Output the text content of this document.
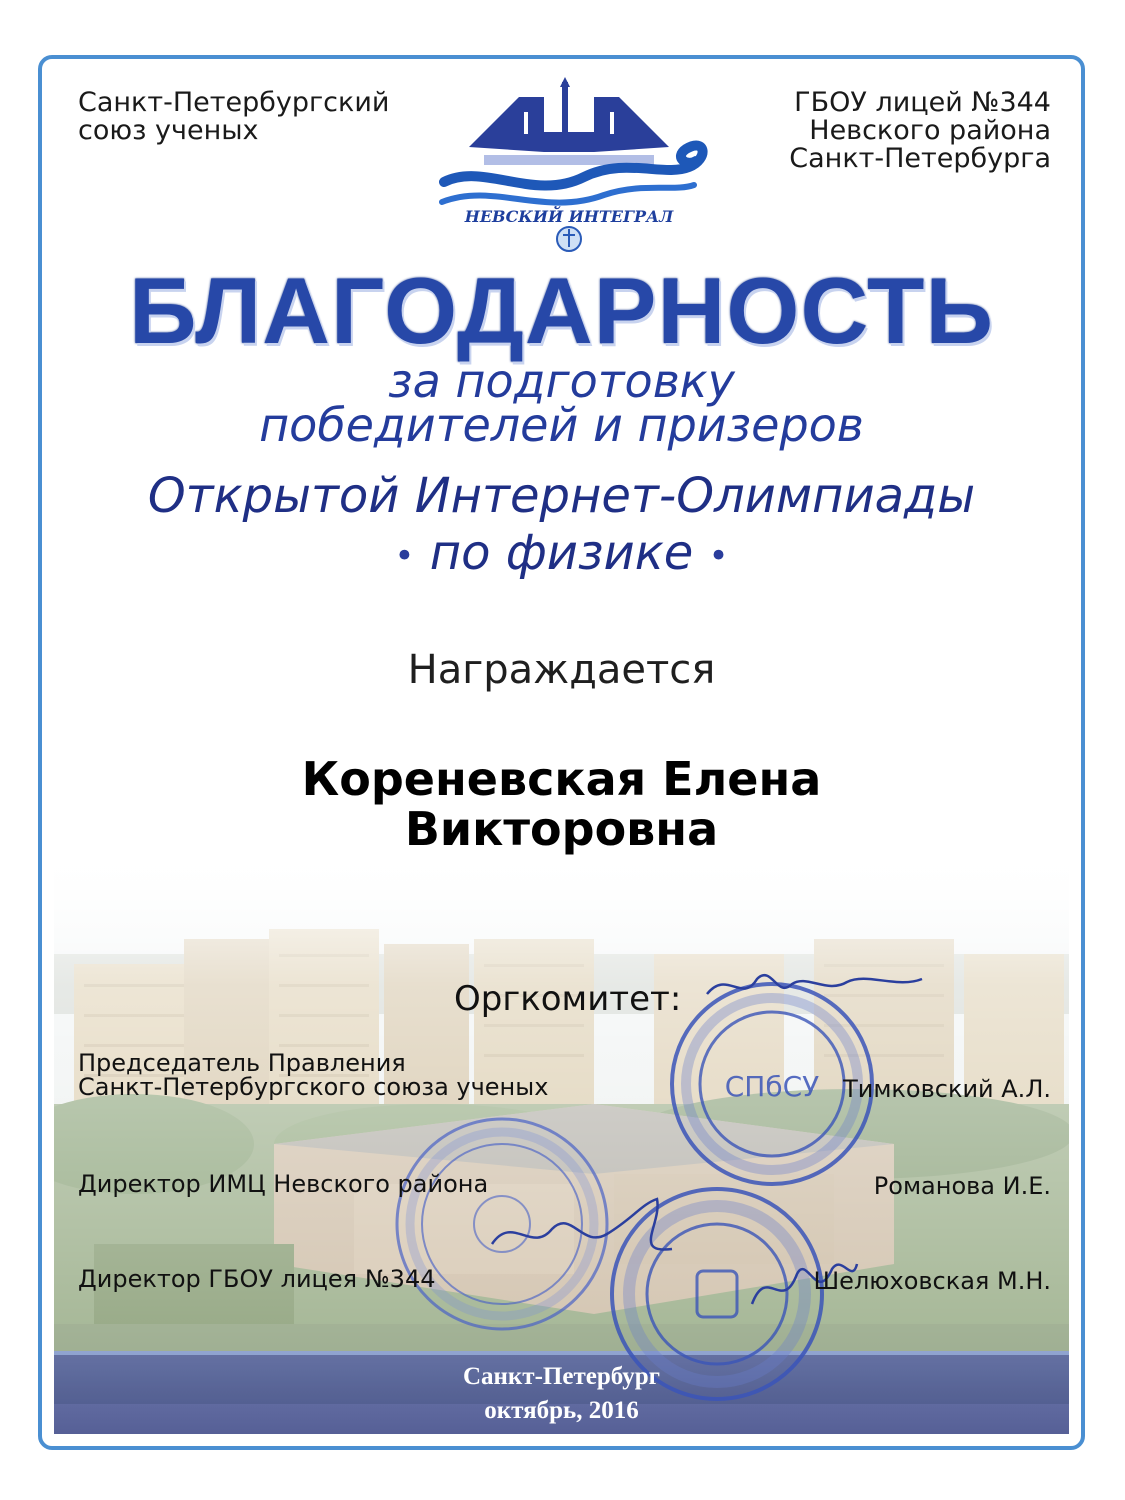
Санкт-Петербургский
союз ученых
ГБОУ лицей №344
Невского района
Санкт-Петербурга
НЕВСКИЙ ИНТЕГРАЛ
БЛАГОДАРНОСТЬ
за подготовку
победителей и призеров
Открытой Интернет-Олимпиады
• по физике •
Награждается
Кореневская Елена
Викторовна
СПбСУ
Оргкомитет:
Председатель Правления
Санкт-Петербургского союза ученых	Тимковский А.Л.
Директор ИМЦ Невского района	Романова И.Е.
Директор ГБОУ лицея №344	Шелюховская М.Н.
Санкт-Петербург
октябрь, 2016
